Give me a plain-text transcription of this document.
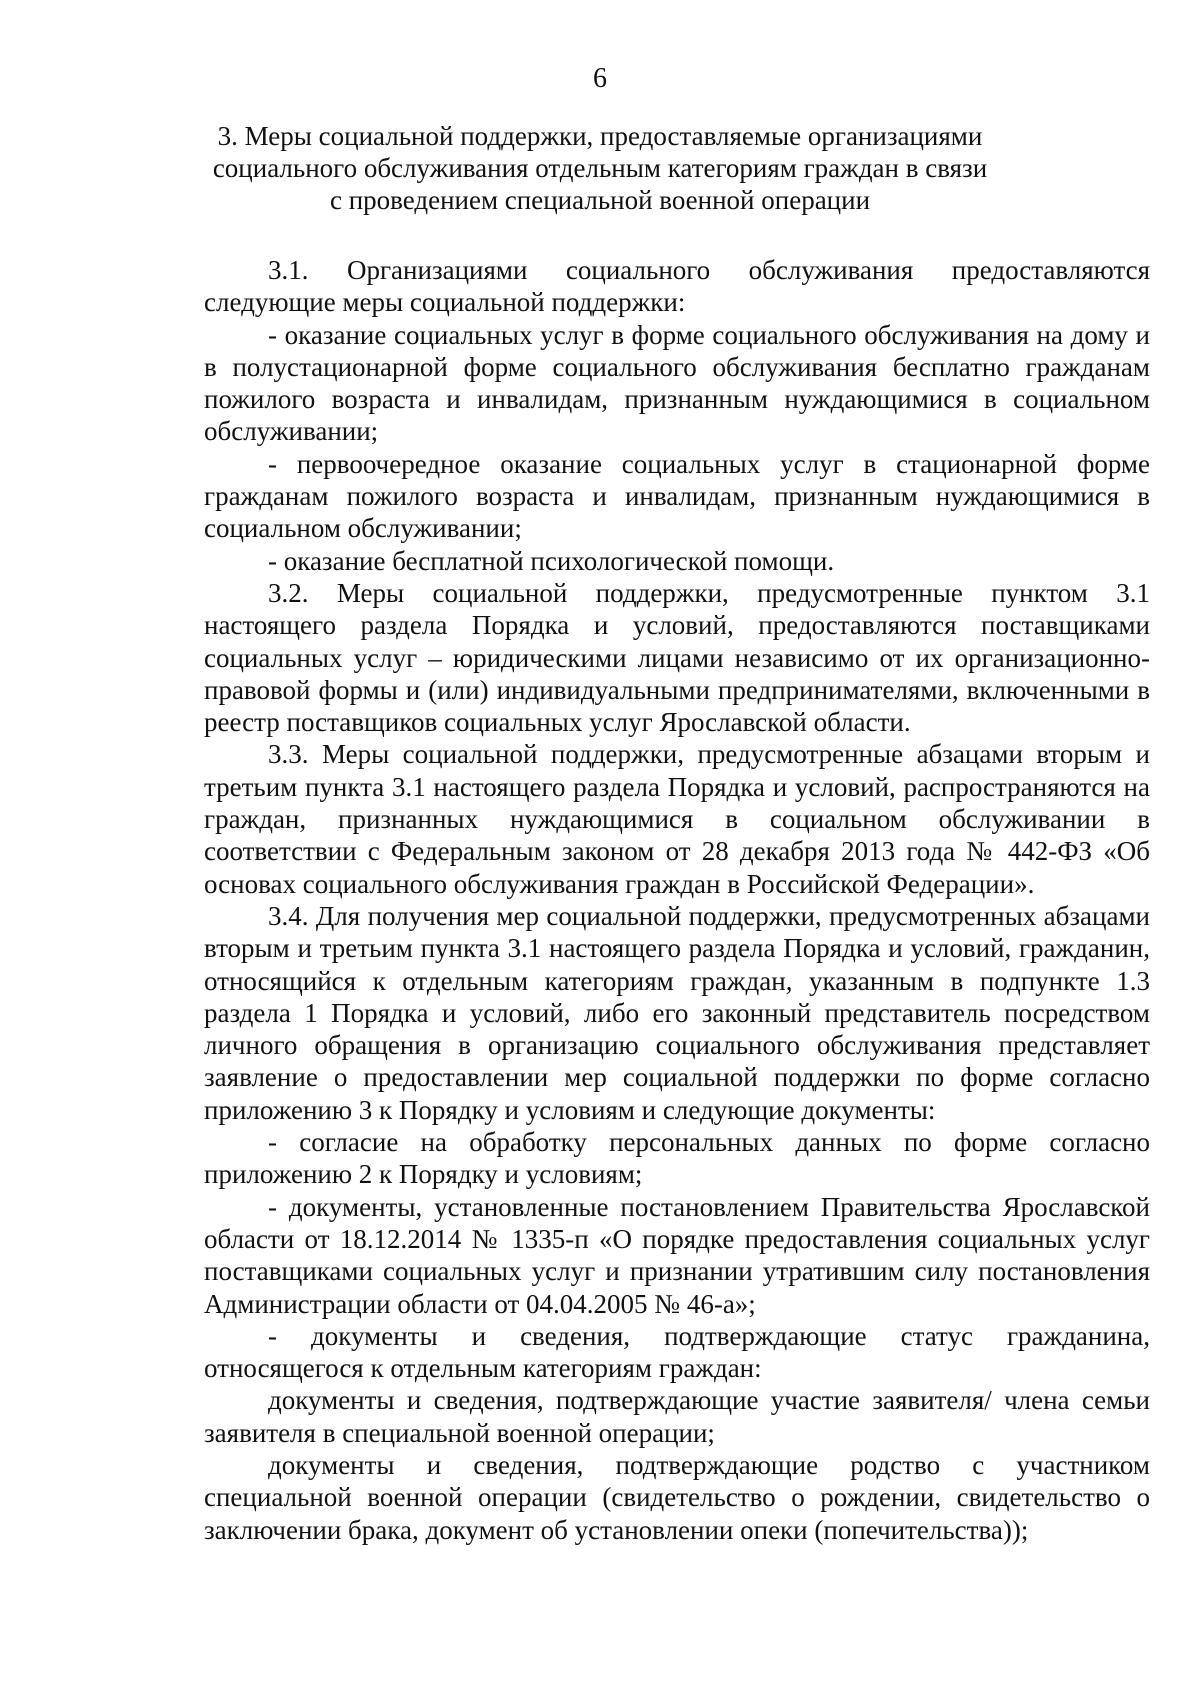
6
3. Меры социальной поддержки, предоставляемые организациями
социального обслуживания отдельным категориям граждан в связи
с проведением специальной военной операции

3.1. Организациями социального обслуживания предоставляются следующие меры социальной поддержки:

- оказание социальных услуг в форме социального обслуживания на дому и в полустационарной форме социального обслуживания бесплатно гражданам пожилого возраста и инвалидам, признанным нуждающимися в социальном обслуживании;

- первоочередное оказание социальных услуг в стационарной форме гражданам пожилого возраста и инвалидам, признанным нуждающимися в социальном обслуживании;

- оказание бесплатной психологической помощи.

3.2. Меры социальной поддержки, предусмотренные пунктом 3.1 настоящего раздела Порядка и условий, предоставляются поставщиками социальных услуг – юридическими лицами независимо от их организационно-правовой формы и (или) индивидуальными предпринимателями, включенными в реестр поставщиков социальных услуг Ярославской области.

3.3. Меры социальной поддержки, предусмотренные абзацами вторым и третьим пункта 3.1 настоящего раздела Порядка и условий, распространяются на граждан, признанных нуждающимися в социальном обслуживании в соответствии с Федеральным законом от 28 декабря 2013 года № 442-ФЗ «Об основах социального обслуживания граждан в Российской Федерации».

3.4. Для получения мер социальной поддержки, предусмотренных абзацами вторым и третьим пункта 3.1 настоящего раздела Порядка и условий, гражданин, относящийся к отдельным категориям граждан, указанным в подпункте 1.3 раздела 1 Порядка и условий, либо его законный представитель посредством личного обращения в организацию социального обслуживания представляет заявление о предоставлении мер социальной поддержки по форме согласно приложению 3 к Порядку и условиям и следующие документы:

- согласие на обработку персональных данных по форме согласно приложению 2 к Порядку и условиям;

- документы, установленные постановлением Правительства Ярославской области от 18.12.2014 № 1335-п «О порядке предоставления социальных услуг поставщиками социальных услуг и признании утратившим силу постановления Администрации области от 04.04.2005 № 46-а»;

- документы и сведения, подтверждающие статус гражданина, относящегося к отдельным категориям граждан:

документы и сведения, подтверждающие участие заявителя/ члена семьи заявителя в специальной военной операции;

документы и сведения, подтверждающие родство с участником специальной военной операции (свидетельство о рождении, свидетельство о заключении брака, документ об установлении опеки (попечительства));
